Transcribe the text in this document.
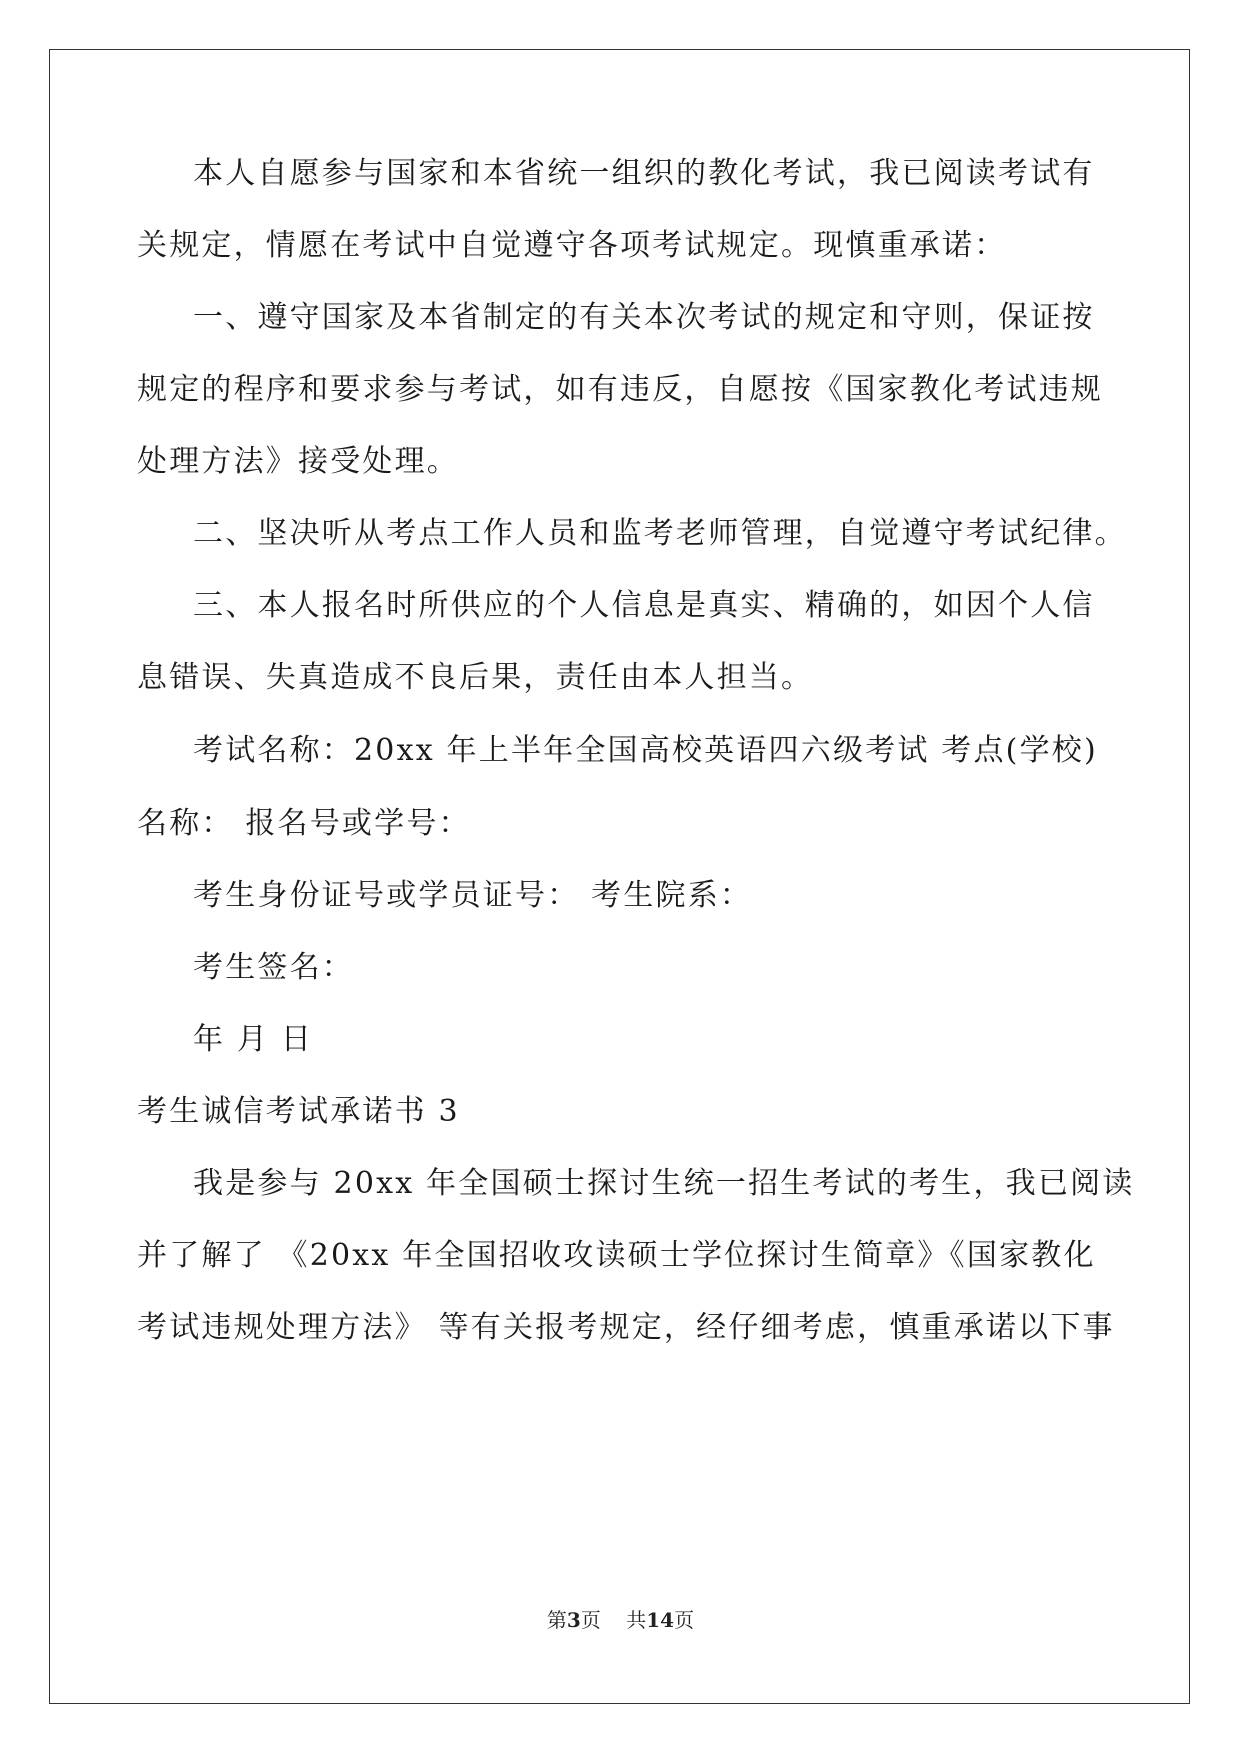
本人自愿参与国家和本省统一组织的教化考试，我已阅读考试有
关规定，情愿在考试中自觉遵守各项考试规定。现慎重承诺：
一、遵守国家及本省制定的有关本次考试的规定和守则，保证按
规定的程序和要求参与考试，如有违反，自愿按《国家教化考试违规
处理方法》接受处理。
二、坚决听从考点工作人员和监考老师管理，自觉遵守考试纪律。
三、本人报名时所供应的个人信息是真实、精确的，如因个人信
息错误、失真造成不良后果，责任由本人担当。
考试名称：20xx 年上半年全国高校英语四六级考试 考点(学校)
名称： 报名号或学号：
考生身份证号或学员证号： 考生院系：
考生签名：
年 月 日
考生诚信考试承诺书 3
我是参与 20xx 年全国硕士探讨生统一招生考试的考生，我已阅读
并了解了 《20xx 年全国招收攻读硕士学位探讨生简章》《国家教化
考试违规处理方法》 等有关报考规定，经仔细考虑，慎重承诺以下事
第3页    共14页
